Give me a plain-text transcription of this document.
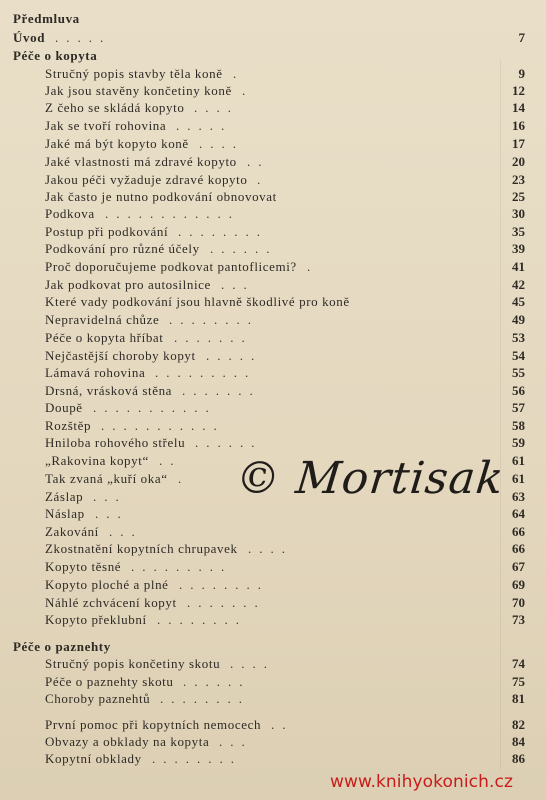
Předmluva
Úvod .....	7
Péče o kopyta
Stručný popis stavby těla koně .	9
Jak jsou stavěny končetiny koně .	12
Z čeho se skládá kopyto ....	14
Jak se tvoří rohovina .....	16
Jaké má být kopyto koně ....	17
Jaké vlastnosti má zdravé kopyto ..	20
Jakou péči vyžaduje zdravé kopyto .	23
Jak často je nutno podkování obnovovat	25
Podkova ............	30
Postup při podkování ........	35
Podkování pro různé účely ......	39
Proč doporučujeme podkovat pantoflicemi? .	41
Jak podkovat pro autosilnice ...	42
Které vady podkování jsou hlavně škodlivé pro koně	45
Nepravidelná chůze ........	49
Péče o kopyta hříbat .......	53
Nejčastější choroby kopyt .....	54
Lámavá rohovina .........	55
Drsná, vrásková stěna .......	56
Doupě ...........	57
Rozštěp ...........	58
Hniloba rohového střelu ......	59
„Rakovina kopyt“ ..	61
Tak zvaná „kuří oka“ .	61
Záslap ...	63
Náslap ...	64
Zakování ...	66
Zkostnatění kopytních chrupavek ....	66
Kopyto těsné .........	67
Kopyto ploché a plné ........	69
Náhlé zchvácení kopyt .......	70
Kopyto překlubní ........	73
Péče o paznehty
Stručný popis končetiny skotu ....	74
Péče o paznehty skotu ......	75
Choroby paznehtů ........	81
První pomoc při kopytních nemocech ..	82
Obvazy a obklady na kopyta ...	84
Kopytní obklady ........	86
© Mortisak
www.knihyokonich.cz
